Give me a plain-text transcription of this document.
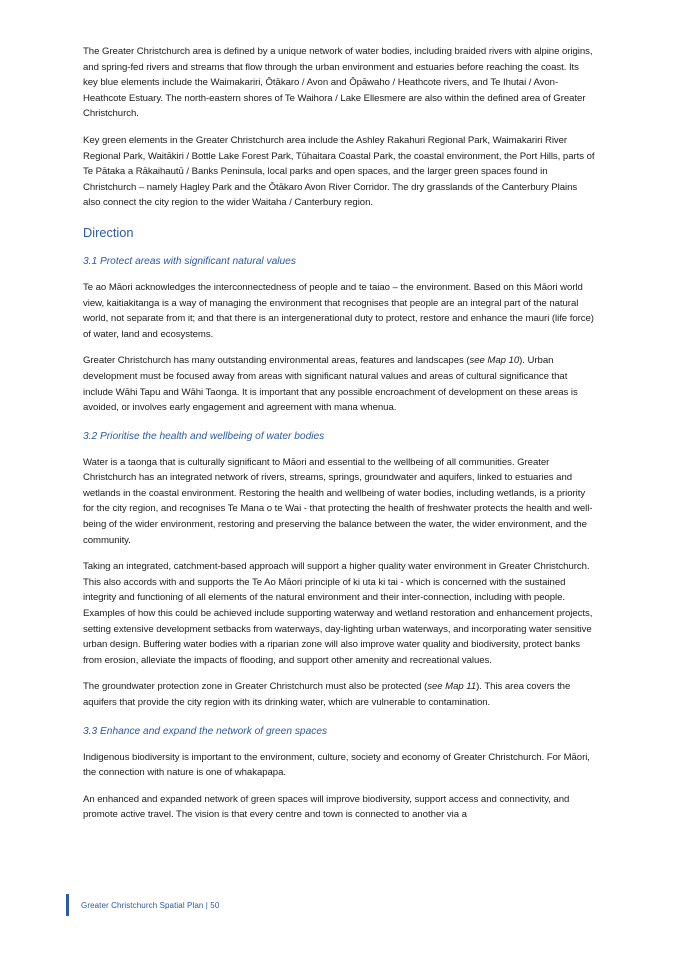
The Greater Christchurch area is defined by a unique network of water bodies, including braided rivers with alpine origins, and spring-fed rivers and streams that flow through the urban environment and estuaries before reaching the coast. Its key blue elements include the Waimakariri, Ōtākaro / Avon and Ōpāwaho / Heathcote rivers, and Te Ihutai / Avon-Heathcote Estuary. The north-eastern shores of Te Waihora / Lake Ellesmere are also within the defined area of Greater Christchurch.

Key green elements in the Greater Christchurch area include the Ashley Rakahuri Regional Park, Waimakariri River Regional Park, Waitākiri / Bottle Lake Forest Park, Tūhaitara Coastal Park, the coastal environment, the Port Hills, parts of Te Pātaka a Rākaihautū / Banks Peninsula, local parks and open spaces, and the larger green spaces found in Christchurch – namely Hagley Park and the Ōtākaro Avon River Corridor. The dry grasslands of the Canterbury Plains also connect the city region to the wider Waitaha / Canterbury region.

Direction
3.1 Protect areas with significant natural values

Te ao Māori acknowledges the interconnectedness of people and te taiao – the environment. Based on this Māori world view, kaitiakitanga is a way of managing the environment that recognises that people are an integral part of the natural world, not separate from it; and that there is an intergenerational duty to protect, restore and enhance the mauri (life force) of water, land and ecosystems.

Greater Christchurch has many outstanding environmental areas, features and landscapes (see Map 10). Urban development must be focused away from areas with significant natural values and areas of cultural significance that include Wāhi Tapu and Wāhi Taonga. It is important that any possible encroachment of development on these areas is avoided, or involves early engagement and agreement with mana whenua.

3.2 Prioritise the health and wellbeing of water bodies

Water is a taonga that is culturally significant to Māori and essential to the wellbeing of all communities. Greater Christchurch has an integrated network of rivers, streams, springs, groundwater and aquifers, linked to estuaries and wetlands in the coastal environment. Restoring the health and wellbeing of water bodies, including wetlands, is a priority for the city region, and recognises Te Mana o te Wai - that protecting the health of freshwater protects the health and well-being of the wider environment, restoring and preserving the balance between the water, the wider environment, and the community.

Taking an integrated, catchment-based approach will support a higher quality water environment in Greater Christchurch. This also accords with and supports the Te Ao Māori principle of ki uta ki tai - which is concerned with the sustained integrity and functioning of all elements of the natural environment and their inter-connection, including with people. Examples of how this could be achieved include supporting waterway and wetland restoration and enhancement projects, setting extensive development setbacks from waterways, day-lighting urban waterways, and incorporating water sensitive urban design. Buffering water bodies with a riparian zone will also improve water quality and biodiversity, protect banks from erosion, alleviate the impacts of flooding, and support other amenity and recreational values.

The groundwater protection zone in Greater Christchurch must also be protected (see Map 11). This area covers the aquifers that provide the city region with its drinking water, which are vulnerable to contamination.

3.3 Enhance and expand the network of green spaces

Indigenous biodiversity is important to the environment, culture, society and economy of Greater Christchurch. For Māori, the connection with nature is one of whakapapa.

An enhanced and expanded network of green spaces will improve biodiversity, support access and connectivity, and promote active travel. The vision is that every centre and town is connected to another via a

Greater Christchurch Spatial Plan | 50
